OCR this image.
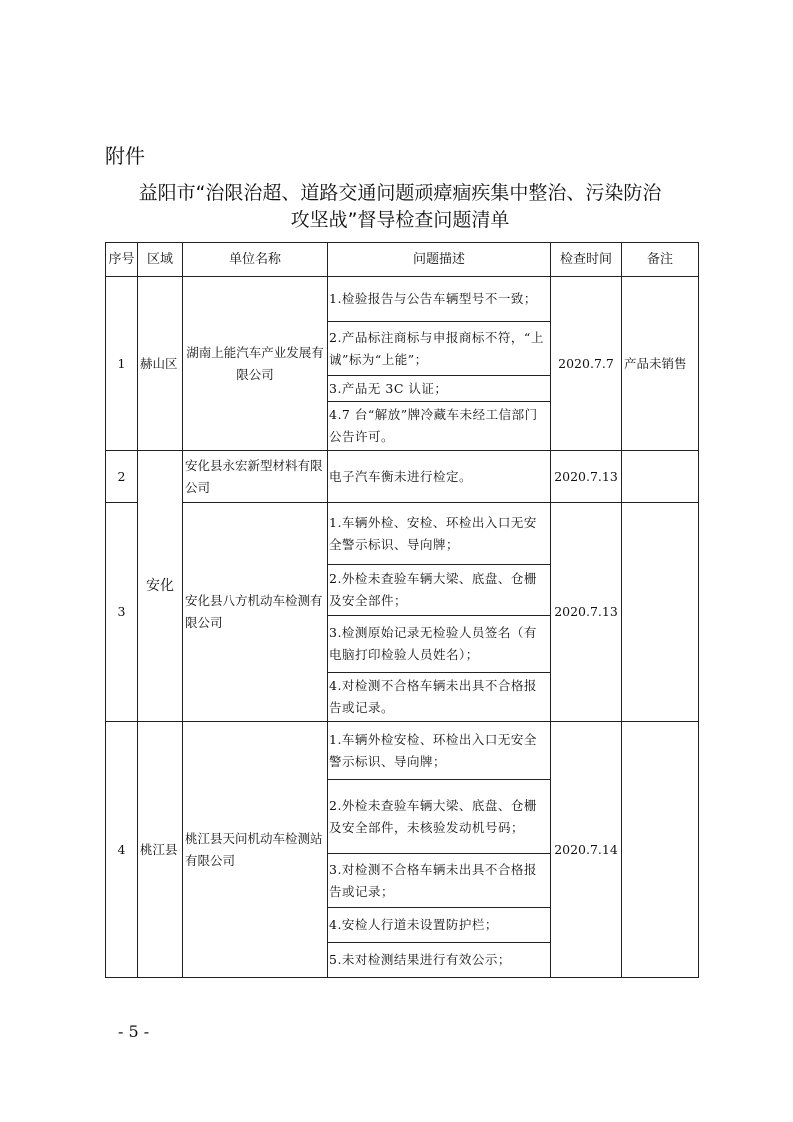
附件
益阳市“治限治超、道路交通问题顽瘴痼疾集中整治、污染防治
攻坚战”督导检查问题清单
序号	区域	单位名称	问题描述	检查时间	备注
1	赫山区	湖南上能汽车产业发展有限公司	1.检验报告与公告车辆型号不一致；	2020.7.7	产品未销售
			2.产品标注商标与申报商标不符，“上诚”标为“上能”；		
			3.产品无 3C 认证；		
			4.7 台“解放”牌冷藏车未经工信部门公告许可。		
2	安化	安化县永宏新型材料有限公司	电子汽车衡未进行检定。	2020.7.13	
3		安化县八方机动车检测有限公司	1.车辆外检、安检、环检出入口无安全警示标识、导向牌；	2020.7.13	
			2.外检未查验车辆大梁、底盘、仓栅及安全部件；		
			3.检测原始记录无检验人员签名（有电脑打印检验人员姓名）；		
			4.对检测不合格车辆未出具不合格报告或记录。		
4	桃江县	桃江县天问机动车检测站有限公司	1.车辆外检安检、环检出入口无安全警示标识、导向牌；	2020.7.14	
			2.外检未查验车辆大梁、底盘、仓栅及安全部件，未核验发动机号码；		
			3.对检测不合格车辆未出具不合格报告或记录；		
			4.安检人行道未设置防护栏；		
			5.未对检测结果进行有效公示；		
- 5 -
